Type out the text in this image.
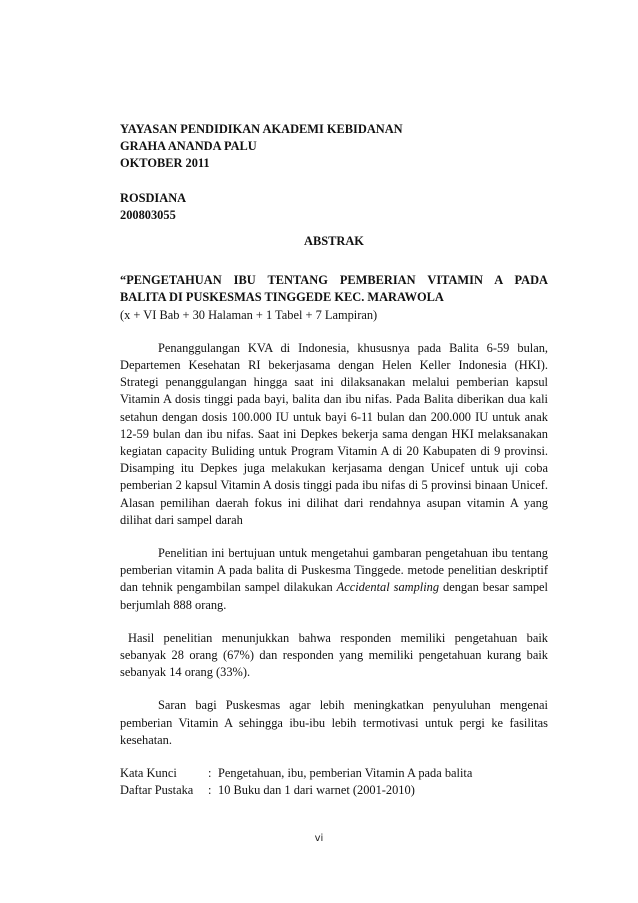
YAYASAN PENDIDIKAN AKADEMI KEBIDANAN
GRAHA ANANDA PALU
OKTOBER 2011
ROSDIANA
200803055
ABSTRAK
“PENGETAHUAN IBU TENTANG PEMBERIAN VITAMIN A PADA
BALITA DI PUSKESMAS TINGGEDE KEC. MARAWOLA
(x + VI Bab + 30 Halaman + 1 Tabel + 7 Lampiran)

Penanggulangan KVA di Indonesia, khususnya pada Balita 6-59 bulan, Departemen Kesehatan RI bekerjasama dengan Helen Keller Indonesia (HKI). Strategi penanggulangan hingga saat ini dilaksanakan melalui pemberian kapsul Vitamin A dosis tinggi pada bayi, balita dan ibu nifas. Pada Balita diberikan dua kali setahun dengan dosis 100.000 IU untuk bayi 6-11 bulan dan 200.000 IU untuk anak 12-59 bulan dan ibu nifas. Saat ini Depkes bekerja sama dengan HKI melaksanakan kegiatan capacity Buliding untuk Program Vitamin A di 20 Kabupaten di 9 provinsi. Disamping itu Depkes juga melakukan kerjasama dengan Unicef untuk uji coba pemberian 2 kapsul Vitamin A dosis tinggi pada ibu nifas di 5 provinsi binaan Unicef. Alasan pemilihan daerah fokus ini dilihat dari rendahnya asupan vitamin A yang dilihat dari sampel darah

Penelitian ini bertujuan untuk mengetahui gambaran pengetahuan ibu tentang pemberian vitamin A pada balita di Puskesma Tinggede. metode penelitian deskriptif dan tehnik pengambilan sampel dilakukan Accidental sampling dengan besar sampel berjumlah 888 orang.

Hasil penelitian menunjukkan bahwa responden memiliki pengetahuan baik sebanyak 28 orang (67%) dan responden yang memiliki pengetahuan kurang baik sebanyak 14 orang (33%).

Saran bagi Puskesmas agar lebih meningkatkan penyuluhan mengenai pemberian Vitamin A sehingga ibu-ibu lebih termotivasi untuk pergi ke fasilitas kesehatan.

Kata Kunci	: Pengetahuan, ibu, pemberian Vitamin A pada balita
Daftar Pustaka	: 10 Buku dan 1 dari warnet (2001-2010)
vi
